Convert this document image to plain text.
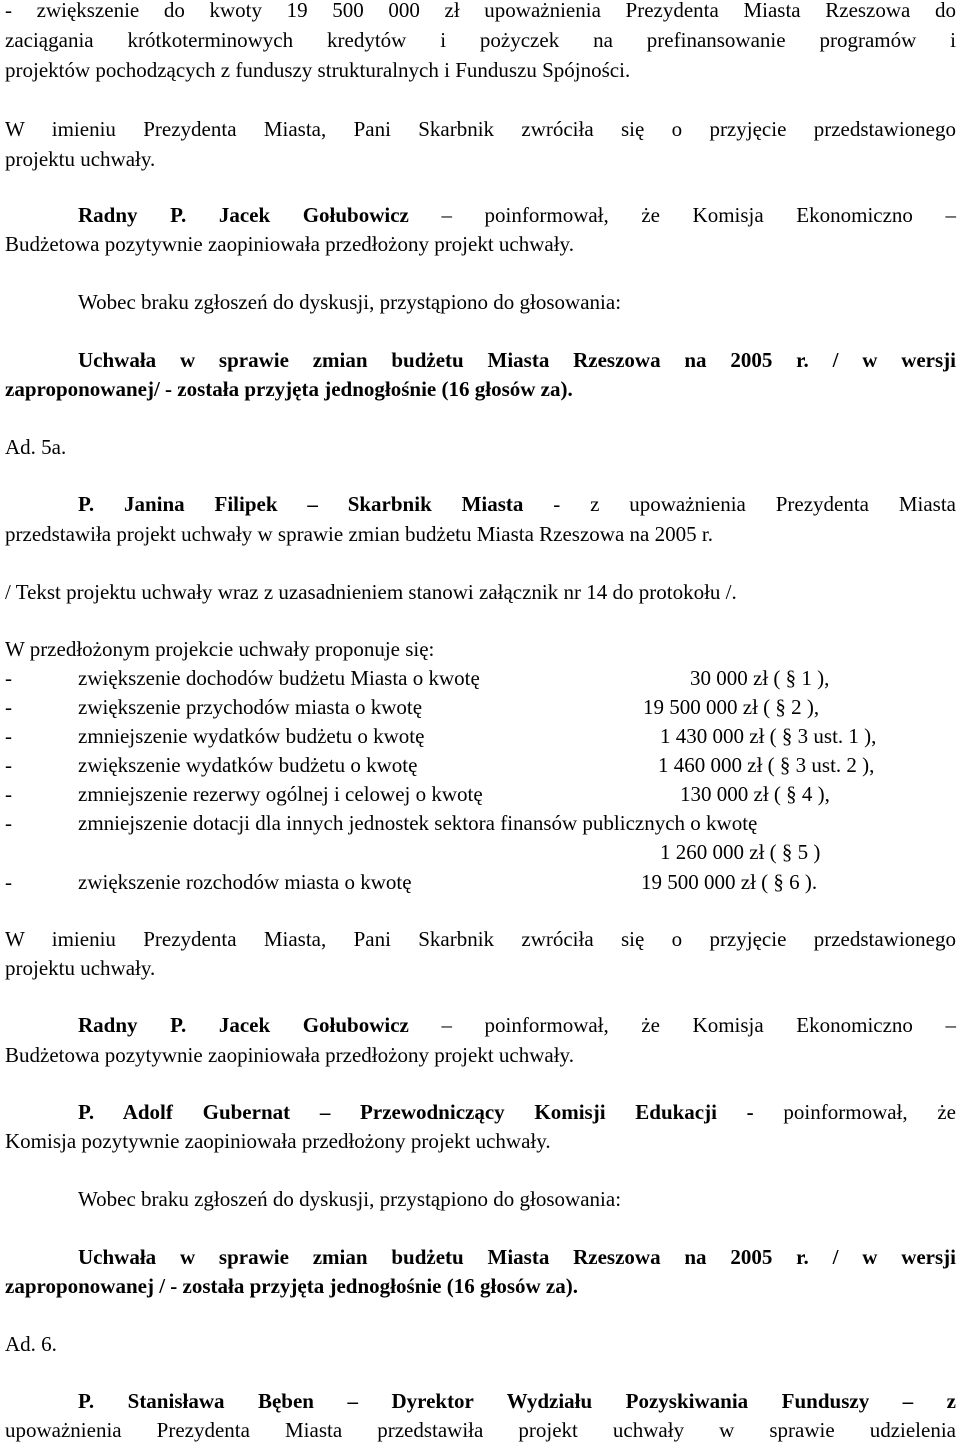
- zwiększenie do kwoty 19 500 000 zł upoważnienia Prezydenta Miasta Rzeszowa do
zaciągania krótkoterminowych kredytów i pożyczek na prefinansowanie programów i
projektów pochodzących z funduszy strukturalnych i Funduszu Spójności.
W imieniu Prezydenta Miasta, Pani Skarbnik zwróciła się o przyjęcie przedstawionego
projektu uchwały.
Radny P. Jacek Gołubowicz – poinformował, że Komisja Ekonomiczno –
Budżetowa pozytywnie zaopiniowała przedłożony projekt uchwały.
Wobec braku zgłoszeń do dyskusji, przystąpiono do głosowania:
Uchwała w sprawie zmian budżetu Miasta Rzeszowa na 2005 r. / w wersji
zaproponowanej/ - została przyjęta jednogłośnie (16 głosów za).
Ad. 5a.
P. Janina Filipek – Skarbnik Miasta - z upoważnienia Prezydenta Miasta
przedstawiła projekt uchwały w sprawie zmian budżetu Miasta Rzeszowa na 2005 r.
/ Tekst projektu uchwały wraz z uzasadnieniem stanowi załącznik nr 14 do protokołu /.
W przedłożonym projekcie uchwały proponuje się:
-	zwiększenie dochodów budżetu Miasta o kwotę	30 000 zł ( § 1 ),
-	zwiększenie przychodów miasta o kwotę	19 500 000 zł ( § 2 ),
-	zmniejszenie wydatków budżetu o kwotę	1 430 000 zł ( § 3 ust. 1 ),
-	zwiększenie wydatków budżetu o kwotę	1 460 000 zł ( § 3 ust. 2 ),
-	zmniejszenie rezerwy ogólnej i celowej o kwotę	130 000 zł ( § 4 ),
-	zmniejszenie dotacji dla innych jednostek sektora finansów publicznych o kwotę
1 260 000 zł ( § 5 )
-	zwiększenie rozchodów miasta o kwotę	19 500 000 zł ( § 6 ).
W imieniu Prezydenta Miasta, Pani Skarbnik zwróciła się o przyjęcie przedstawionego
projektu uchwały.
Radny P. Jacek Gołubowicz – poinformował, że Komisja Ekonomiczno –
Budżetowa pozytywnie zaopiniowała przedłożony projekt uchwały.
P. Adolf Gubernat – Przewodniczący Komisji Edukacji - poinformował, że
Komisja pozytywnie zaopiniowała przedłożony projekt uchwały.
Wobec braku zgłoszeń do dyskusji, przystąpiono do głosowania:
Uchwała w sprawie zmian budżetu Miasta Rzeszowa na 2005 r. / w wersji
zaproponowanej / - została przyjęta jednogłośnie (16 głosów za).
Ad. 6.
P. Stanisława Bęben – Dyrektor Wydziału Pozyskiwania Funduszy – z
upoważnienia Prezydenta Miasta przedstawiła projekt uchwały w sprawie udzielenia
